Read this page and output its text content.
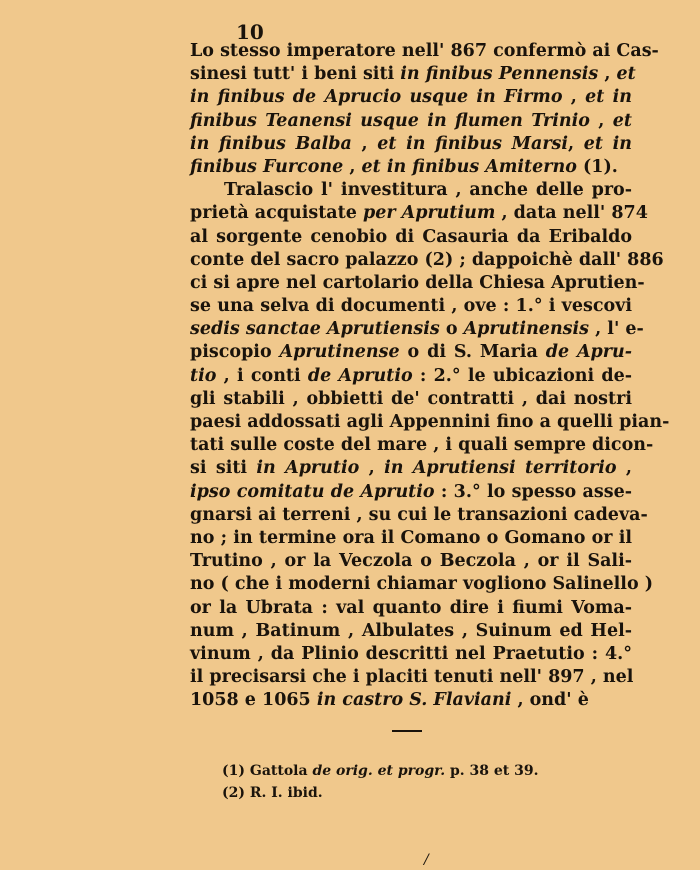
10
Lo stesso imperatore nell' 867 confermò ai Cas-
sinesi tutt' i beni siti in finibus Pennensis , et
in finibus de Aprucio usque in Firmo , et in
finibus Teanensi usque in flumen Trinio , et
in finibus Balba , et in finibus Marsi , et in
finibus Furcone , et in finibus Amiterno (1).
Tralascio l' investitura , anche delle pro-
prietà acquistate per Aprutium , data nell' 874
al sorgente cenobio di Casauria da Eribaldo
conte del sacro palazzo (2) ; dappoichè dall' 886
ci si apre nel cartolario della Chiesa Aprutien-
se una selva di documenti , ove : 1.° i vescovi
sedis sanctae Aprutiensis o Aprutinensis , l' e-
piscopio Aprutinense o di S. Maria de Apru-
tio , i conti de Aprutio : 2.° le ubicazioni de-
gli stabili , obbietti de' contratti , dai nostri
paesi addossati agli Appennini fino a quelli pian-
tati sulle coste del mare , i quali sempre dicon-
si siti in Aprutio , in Aprutiensi territorio ,
ipso comitatu de Aprutio : 3.° lo spesso asse-
gnarsi ai terreni , su cui le transazioni cadeva-
no ; in termine ora il Comano o Gomano or il
Trutino , or la Veczola o Beczola , or il Sali-
no ( che i moderni chiamar vogliono Salinello )
or la Ubrata : val quanto dire i fiumi Voma-
num , Batinum , Albulates , Suinum ed Hel-
vinum , da Plinio descritti nel Praetutio : 4.°
il precisarsi che i placiti tenuti nell' 897 , nel
1058 e 1065 in castro S. Flaviani , ond' è
(1) Gattola de orig. et progr. p. 38 et 39.
(2) R. I. ibid.
/
